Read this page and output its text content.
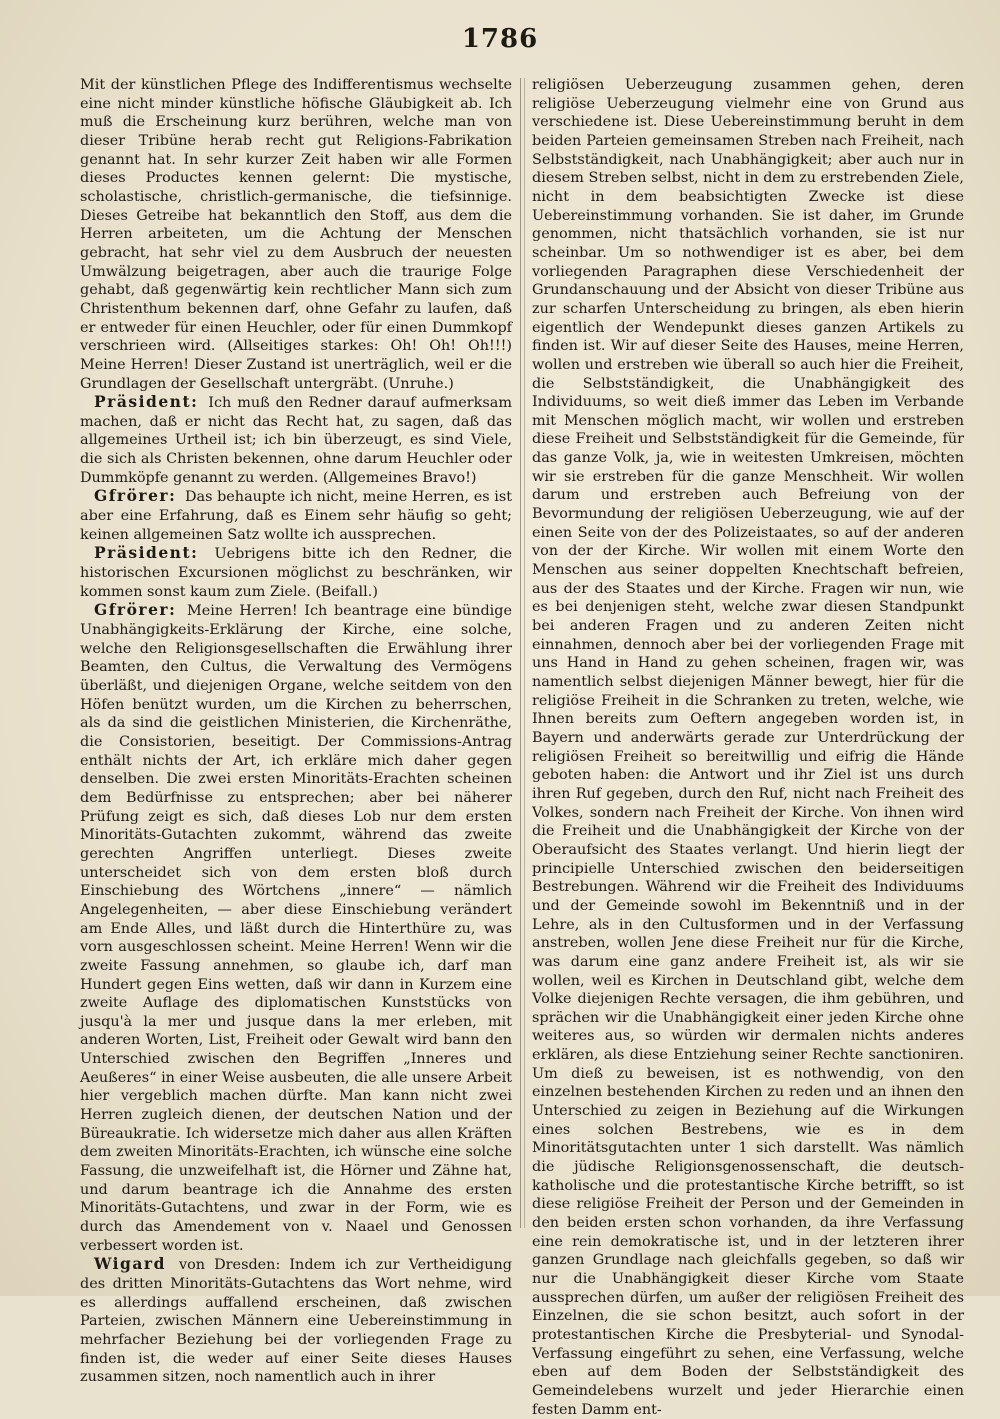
1786

Mit der künstlichen Pflege des Indifferentismus wechselte eine nicht minder künstliche höfische Gläubigkeit ab. Ich muß die Erscheinung kurz berühren, welche man von dieser Tribüne herab recht gut Religions-Fabrikation genannt hat. In sehr kurzer Zeit haben wir alle Formen dieses Productes kennen gelernt: Die mystische, scholastische, christlich-germanische, die tiefsinnige. Dieses Getreibe hat bekanntlich den Stoff, aus dem die Herren arbeiteten, um die Achtung der Menschen gebracht, hat sehr viel zu dem Ausbruch der neuesten Umwälzung beigetragen, aber auch die traurige Folge gehabt, daß gegenwärtig kein rechtlicher Mann sich zum Christenthum bekennen darf, ohne Gefahr zu laufen, daß er entweder für einen Heuchler, oder für einen Dummkopf verschrieen wird. (Allseitiges starkes: Oh! Oh! Oh!!!) Meine Herren! Dieser Zustand ist unerträglich, weil er die Grundlagen der Gesellschaft untergräbt. (Unruhe.)

Präsident: Ich muß den Redner darauf aufmerksam machen, daß er nicht das Recht hat, zu sagen, daß das allgemeines Urtheil ist; ich bin überzeugt, es sind Viele, die sich als Christen bekennen, ohne darum Heuchler oder Dummköpfe genannt zu werden. (Allgemeines Bravo!)

Gfrörer: Das behaupte ich nicht, meine Herren, es ist aber eine Erfahrung, daß es Einem sehr häufig so geht; keinen allgemeinen Satz wollte ich aussprechen.

Präsident: Uebrigens bitte ich den Redner, die historischen Excursionen möglichst zu beschränken, wir kommen sonst kaum zum Ziele. (Beifall.)

Gfrörer: Meine Herren! Ich beantrage eine bündige Unabhängigkeits-Erklärung der Kirche, eine solche, welche den Religionsgesellschaften die Erwählung ihrer Beamten, den Cultus, die Verwaltung des Vermögens überläßt, und diejenigen Organe, welche seitdem von den Höfen benützt wurden, um die Kirchen zu beherrschen, als da sind die geistlichen Ministerien, die Kirchenräthe, die Consistorien, beseitigt. Der Commissions-Antrag enthält nichts der Art, ich erkläre mich daher gegen denselben. Die zwei ersten Minoritäts-Erachten scheinen dem Bedürfnisse zu entsprechen; aber bei näherer Prüfung zeigt es sich, daß dieses Lob nur dem ersten Minoritäts-Gutachten zukommt, während das zweite gerechten Angriffen unterliegt. Dieses zweite unterscheidet sich von dem ersten bloß durch Einschiebung des Wörtchens „innere“ — nämlich Angelegenheiten, — aber diese Einschiebung verändert am Ende Alles, und läßt durch die Hinterthüre zu, was vorn ausgeschlossen scheint. Meine Herren! Wenn wir die zweite Fassung annehmen, so glaube ich, darf man Hundert gegen Eins wetten, daß wir dann in Kurzem eine zweite Auflage des diplomatischen Kunststücks von jusqu'à la mer und jusque dans la mer erleben, mit anderen Worten, List, Freiheit oder Gewalt wird bann den Unterschied zwischen den Begriffen „Inneres und Aeußeres“ in einer Weise ausbeuten, die alle unsere Arbeit hier vergeblich machen dürfte. Man kann nicht zwei Herren zugleich dienen, der deutschen Nation und der Büreaukratie. Ich widersetze mich daher aus allen Kräften dem zweiten Minoritäts-Erachten, ich wünsche eine solche Fassung, die unzweifelhaft ist, die Hörner und Zähne hat, und darum beantrage ich die Annahme des ersten Minoritäts-Gutachtens, und zwar in der Form, wie es durch das Amendement von v. Naael und Genossen verbessert worden ist.

Wigard von Dresden: Indem ich zur Vertheidigung des dritten Minoritäts-Gutachtens das Wort nehme, wird es allerdings auffallend erscheinen, daß zwischen Parteien, zwischen Männern eine Uebereinstimmung in mehrfacher Beziehung bei der vorliegenden Frage zu finden ist, die weder auf einer Seite dieses Hauses zusammen sitzen, noch namentlich auch in ihrer

religiösen Ueberzeugung zusammen gehen, deren religiöse Ueberzeugung vielmehr eine von Grund aus verschiedene ist. Diese Uebereinstimmung beruht in dem beiden Parteien gemeinsamen Streben nach Freiheit, nach Selbstständigkeit, nach Unabhängigkeit; aber auch nur in diesem Streben selbst, nicht in dem zu erstrebenden Ziele, nicht in dem beabsichtigten Zwecke ist diese Uebereinstimmung vorhanden. Sie ist daher, im Grunde genommen, nicht thatsächlich vorhanden, sie ist nur scheinbar. Um so nothwendiger ist es aber, bei dem vorliegenden Paragraphen diese Verschiedenheit der Grundanschauung und der Absicht von dieser Tribüne aus zur scharfen Unterscheidung zu bringen, als eben hierin eigentlich der Wendepunkt dieses ganzen Artikels zu finden ist. Wir auf dieser Seite des Hauses, meine Herren, wollen und erstreben wie überall so auch hier die Freiheit, die Selbstständigkeit, die Unabhängigkeit des Individuums, so weit dieß immer das Leben im Verbande mit Menschen möglich macht, wir wollen und erstreben diese Freiheit und Selbstständigkeit für die Gemeinde, für das ganze Volk, ja, wie in weitesten Umkreisen, möchten wir sie erstreben für die ganze Menschheit. Wir wollen darum und erstreben auch Befreiung von der Bevormundung der religiösen Ueberzeugung, wie auf der einen Seite von der des Polizeistaates, so auf der anderen von der der Kirche. Wir wollen mit einem Worte den Menschen aus seiner doppelten Knechtschaft befreien, aus der des Staates und der Kirche. Fragen wir nun, wie es bei denjenigen steht, welche zwar diesen Standpunkt bei anderen Fragen und zu anderen Zeiten nicht einnahmen, dennoch aber bei der vorliegenden Frage mit uns Hand in Hand zu gehen scheinen, fragen wir, was namentlich selbst diejenigen Männer bewegt, hier für die religiöse Freiheit in die Schranken zu treten, welche, wie Ihnen bereits zum Oeftern angegeben worden ist, in Bayern und anderwärts gerade zur Unterdrückung der religiösen Freiheit so bereitwillig und eifrig die Hände geboten haben: die Antwort und ihr Ziel ist uns durch ihren Ruf gegeben, durch den Ruf, nicht nach Freiheit des Volkes, sondern nach Freiheit der Kirche. Von ihnen wird die Freiheit und die Unabhängigkeit der Kirche von der Oberaufsicht des Staates verlangt. Und hierin liegt der principielle Unterschied zwischen den beiderseitigen Bestrebungen. Während wir die Freiheit des Individuums und der Gemeinde sowohl im Bekenntniß und in der Lehre, als in den Cultusformen und in der Verfassung anstreben, wollen Jene diese Freiheit nur für die Kirche, was darum eine ganz andere Freiheit ist, als wir sie wollen, weil es Kirchen in Deutschland gibt, welche dem Volke diejenigen Rechte versagen, die ihm gebühren, und sprächen wir die Unabhängigkeit einer jeden Kirche ohne weiteres aus, so würden wir dermalen nichts anderes erklären, als diese Entziehung seiner Rechte sanctioniren. Um dieß zu beweisen, ist es nothwendig, von den einzelnen bestehenden Kirchen zu reden und an ihnen den Unterschied zu zeigen in Beziehung auf die Wirkungen eines solchen Bestrebens, wie es in dem Minoritätsgutachten unter 1 sich darstellt. Was nämlich die jüdische Religionsgenossenschaft, die deutsch-katholische und die protestantische Kirche betrifft, so ist diese religiöse Freiheit der Person und der Gemeinden in den beiden ersten schon vorhanden, da ihre Verfassung eine rein demokratische ist, und in der letzteren ihrer ganzen Grundlage nach gleichfalls gegeben, so daß wir nur die Unabhängigkeit dieser Kirche vom Staate aussprechen dürfen, um außer der religiösen Freiheit des Einzelnen, die sie schon besitzt, auch sofort in der protestantischen Kirche die Presbyterial- und Synodal-Verfassung eingeführt zu sehen, eine Verfassung, welche eben auf dem Boden der Selbstständigkeit des Gemeindelebens wurzelt und jeder Hierarchie einen festen Damm ent-
